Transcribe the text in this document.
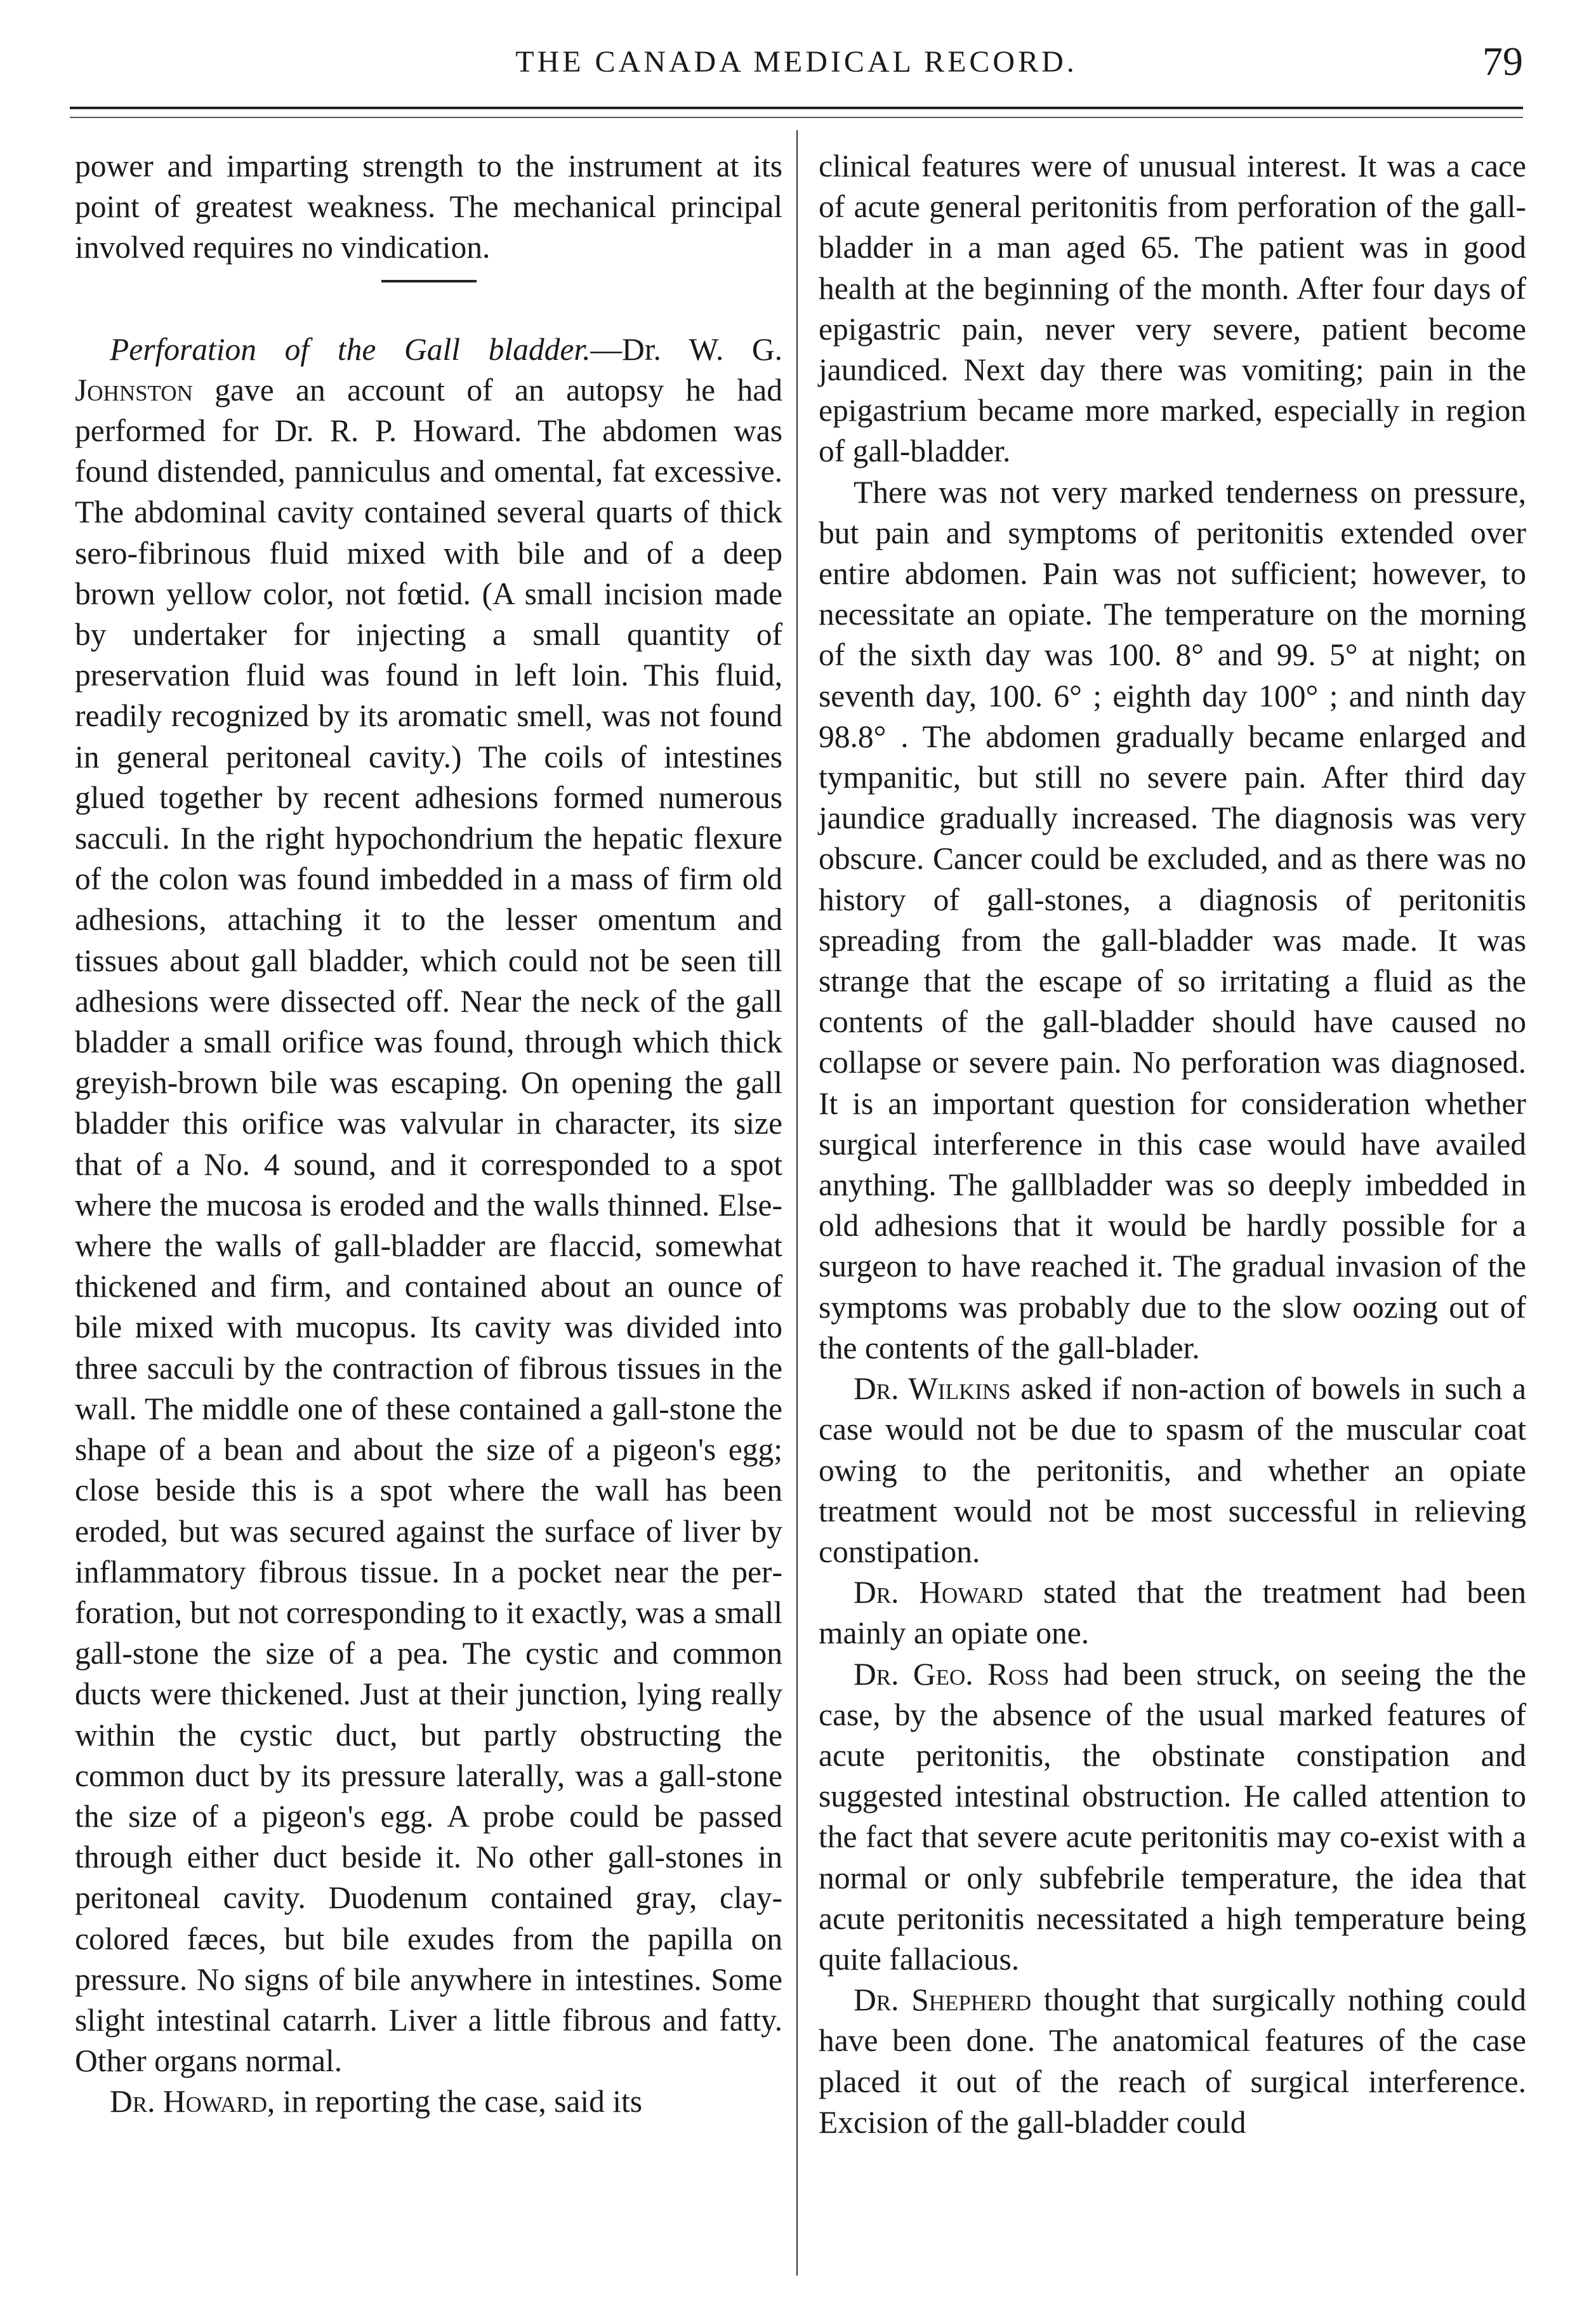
THE CANADA MEDICAL RECORD.	79

power and imparting strength to the instrument at its point of greatest weakness. The mechanical principal involved requires no vindication.

Perforation of the Gall bladder.—Dr. W. G. Johnston gave an account of an autopsy he had performed for Dr. R. P. Howard. The abdomen was found distended, panniculus and omental, fat excessive. The abdominal cavity contained several quarts of thick sero-fibrinous fluid mixed with bile and of a deep brown yellow color, not fœtid. (A small incision made by undertaker for injecting a small quantity of preservation fluid was found in left loin. This fluid, readily recognized by its aromatic smell, was not found in general peritoneal cavity.) The coils of intestines glued together by recent adhesions formed numerous sacculi. In the right hypochondrium the hepatic flexure of the colon was found imbedded in a mass of firm old adhesions, attaching it to the lesser omentum and tissues about gall bladder, which could not be seen till adhesions were dissected off. Near the neck of the gall bladder a small orifice was found, through which thick greyish-brown bile was escaping. On opening the gall bladder this orifice was valvular in character, its size that of a No. 4 sound, and it corresponded to a spot where the mucosa is eroded and the walls thinned. Elsewhere the walls of gall-bladder are flaccid, somewhat thickened and firm, and contained about an ounce of bile mixed with mucopus. Its cavity was divided into three sacculi by the contraction of fibrous tissues in the wall. The middle one of these contained a gall-stone the shape of a bean and about the size of a pigeon's egg; close beside this is a spot where the wall has been eroded, but was secured against the surface of liver by inflammatory fibrous tissue. In a pocket near the perforation, but not corresponding to it exactly, was a small gall-stone the size of a pea. The cystic and common ducts were thickened. Just at their junction, lying really within the cystic duct, but partly obstructing the common duct by its pressure laterally, was a gall-stone the size of a pigeon's egg. A probe could be passed through either duct beside it. No other gall-stones in peritoneal cavity. Duodenum contained gray, claycolored fæces, but bile exudes from the papilla on pressure. No signs of bile anywhere in intestines. Some slight intestinal catarrh. Liver a little fibrous and fatty. Other organs normal.

Dr. Howard, in reporting the case, said its

clinical features were of unusual interest. It was a cace of acute general peritonitis from perforation of the gall-bladder in a man aged 65. The patient was in good health at the beginning of the month. After four days of epigastric pain, never very severe, patient become jaundiced. Next day there was vomiting; pain in the epigastrium became more marked, especially in region of gall-bladder.

There was not very marked tenderness on pressure, but pain and symptoms of peritonitis extended over entire abdomen. Pain was not sufficient; however, to necessitate an opiate. The temperature on the morning of the sixth day was 100. 8° and 99. 5° at night; on seventh day, 100. 6° ; eighth day 100° ; and ninth day 98.8° . The abdomen gradually became enlarged and tympanitic, but still no severe pain. After third day jaundice gradually increased. The diagnosis was very obscure. Cancer could be excluded, and as there was no history of gall-stones, a diagnosis of peritonitis spreading from the gall-bladder was made. It was strange that the escape of so irritating a fluid as the contents of the gall-bladder should have caused no collapse or severe pain. No perforation was diagnosed. It is an important question for consideration whether surgical interference in this case would have availed anything. The gallbladder was so deeply imbedded in old adhesions that it would be hardly possible for a surgeon to have reached it. The gradual invasion of the symptoms was probably due to the slow oozing out of the contents of the gall-blader.

Dr. Wilkins asked if non-action of bowels in such a case would not be due to spasm of the muscular coat owing to the peritonitis, and whether an opiate treatment would not be most successful in relieving constipation.

Dr. Howard stated that the treatment had been mainly an opiate one.

Dr. Geo. Ross had been struck, on seeing the the case, by the absence of the usual marked features of acute peritonitis, the obstinate constipation and suggested intestinal obstruction. He called attention to the fact that severe acute peritonitis may co-exist with a normal or only subfebrile temperature, the idea that acute peritonitis necessitated a high temperature being quite fallacious.

Dr. Shepherd thought that surgically nothing could have been done. The anatomical features of the case placed it out of the reach of surgical interference. Excision of the gall-bladder could
